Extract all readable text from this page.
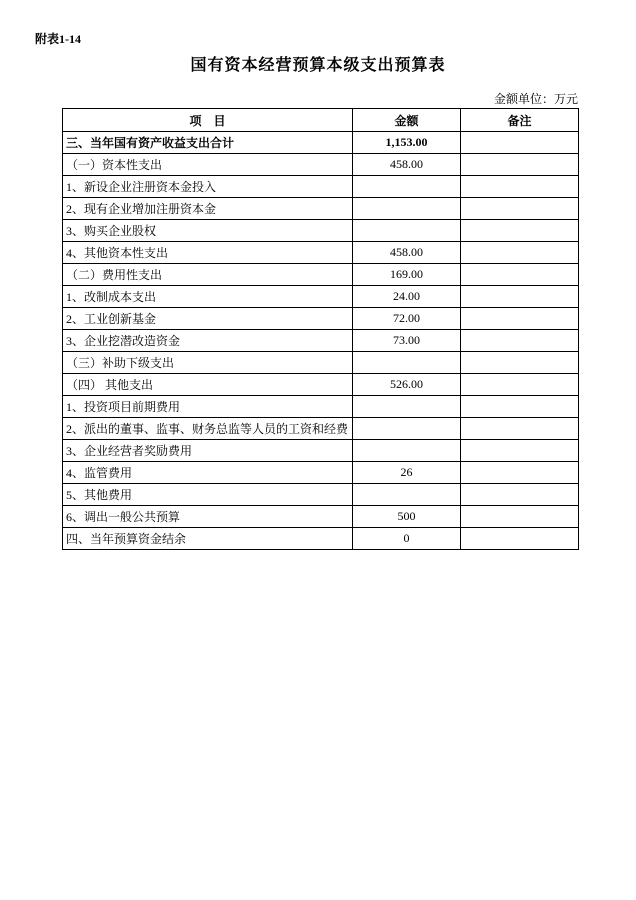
附表1-14
国有资本经营预算本级支出预算表
金额单位：万元
项　目	金额	备注
三、当年国有资产收益支出合计	1,153.00	
（一）资本性支出	458.00	
1、新设企业注册资本金投入		
2、现有企业增加注册资本金		
3、购买企业股权		
4、其他资本性支出	458.00	
（二）费用性支出	169.00	
1、改制成本支出	24.00	
2、工业创新基金	72.00	
3、企业挖潜改造资金	73.00	
（三）补助下级支出		
（四） 其他支出	526.00	
1、投资项目前期费用		
2、派出的董事、监事、财务总监等人员的工资和经费		
3、企业经营者奖励费用		
4、监管费用	26	
5、其他费用		
6、调出一般公共预算	500	
四、当年预算资金结余	0	
